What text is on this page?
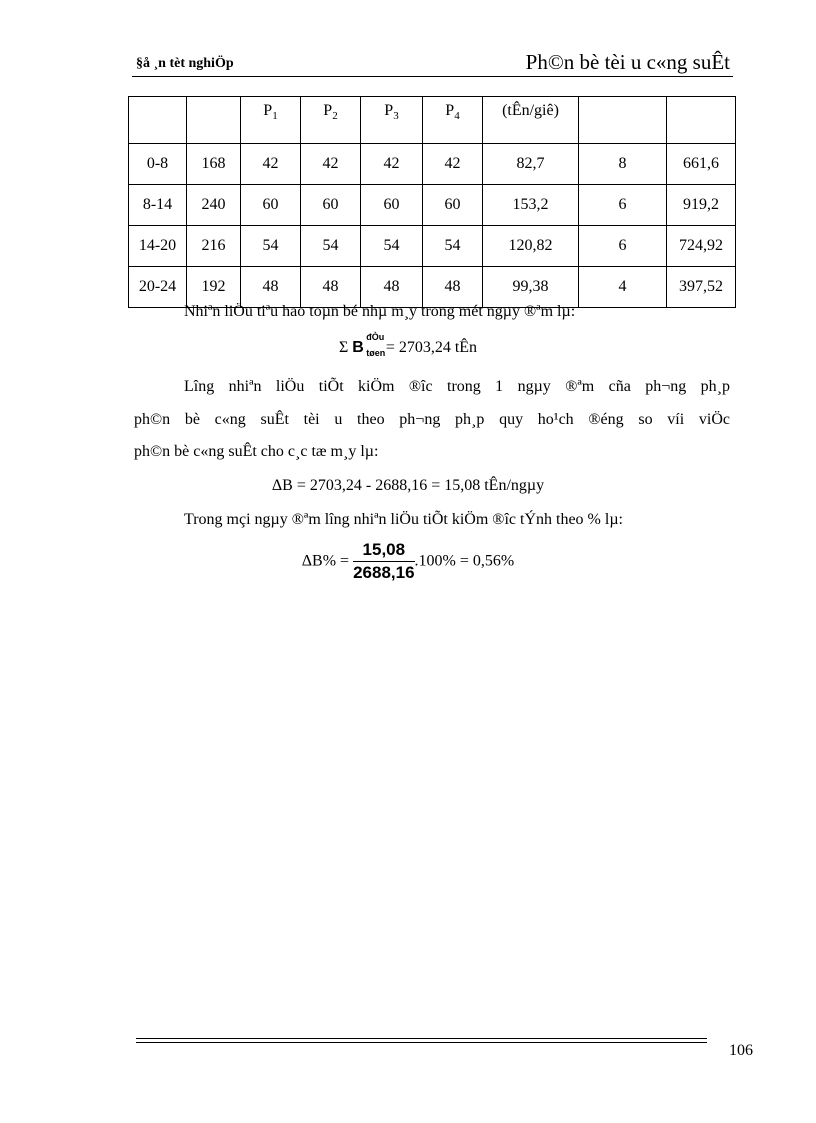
§å ¸n tèt nghiÖp	Ph©n bè tèi u c«ng suÊt
		$P_1$	$P_2$	$P_3$	$P_4$	(tÊn/giê)		
0-8	168	42	42	42	42	82,7	8	661,6
8-14	240	60	60	60	60	153,2	6	919,2
14-20	216	54	54	54	54	120,82	6	724,92
20-24	192	48	48	48	48	99,38	4	397,52
Nhiªn liÖu tiªu hao toµn bé nhµ m¸y trong mét ngµy ®ªm lµ:
Σ B
đÒu
tøen
= 2703,24 tÊn
Lîng nhiªn liÖu tiÕt kiÖm ®îc trong 1 ngµy ®ªm cña ph¬ng ph¸p
ph©n bè c«ng suÊt tèi u theo ph¬ng ph¸p quy ho¹ch ®éng so víi viÖc
ph©n bè c«ng suÊt cho c¸c tæ m¸y lµ:
ΔB = 2703,24 - 2688,16 = 15,08 tÊn/ngµy
Trong mçi ngµy ®ªm lîng nhiªn liÖu tiÕt kiÖm ®îc tÝnh theo % lµ:
$\Delta B\% = \frac{15,08}{2688,16} .100\% = 0,56\%$
106
